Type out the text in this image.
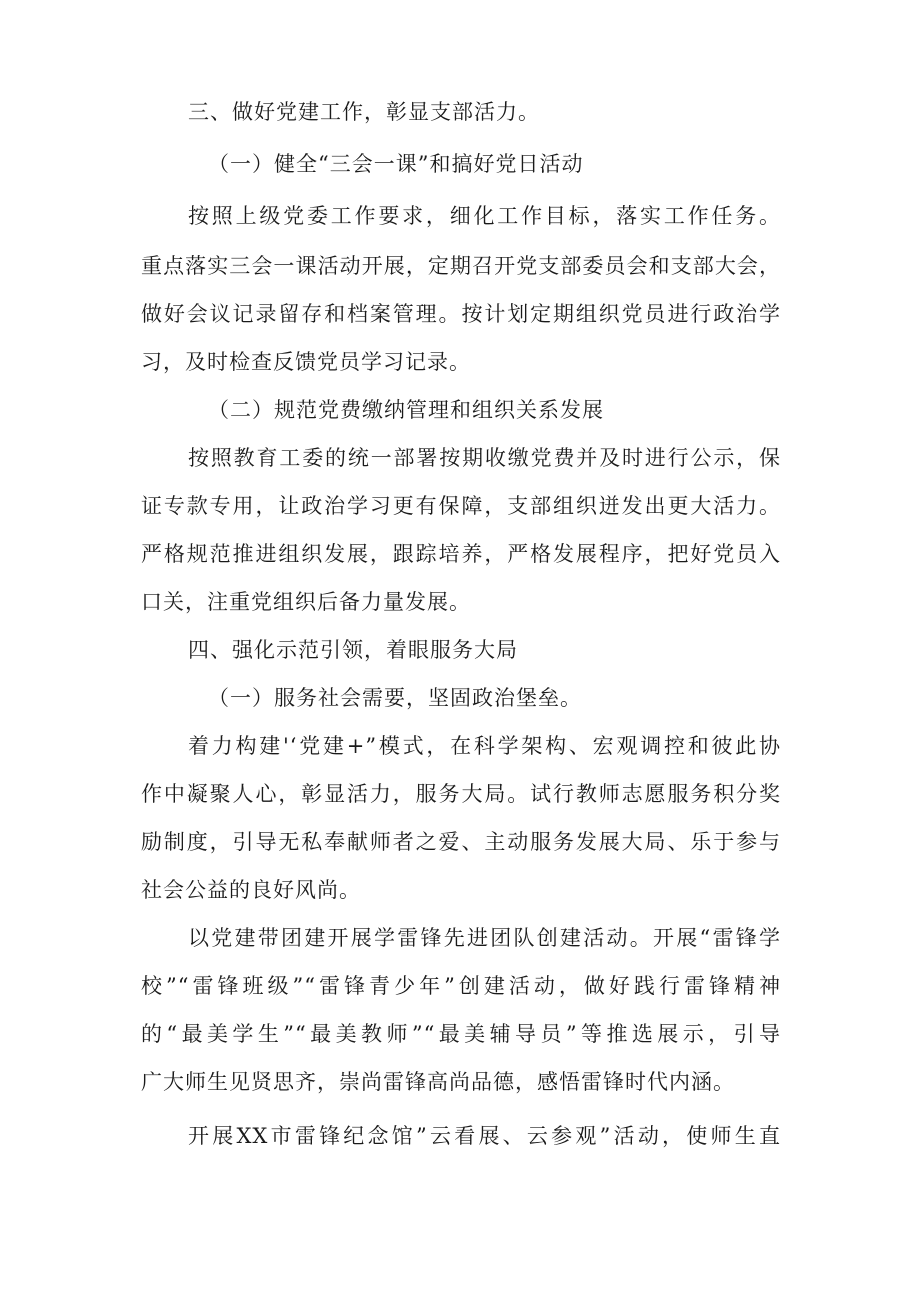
三、做好党建工作，彰显支部活力。
（一）健全“三会一课”和搞好党日活动
按照上级党委工作要求，细化工作目标，落实工作任务。
重点落实三会一课活动开展，定期召开党支部委员会和支部大会，
做好会议记录留存和档案管理。按计划定期组织党员进行政治学
习，及时检查反馈党员学习记录。
（二）规范党费缴纳管理和组织关系发展
按照教育工委的统一部署按期收缴党费并及时进行公示，保
证专款专用，让政治学习更有保障，支部组织迸发出更大活力。
严格规范推进组织发展，跟踪培养，严格发展程序，把好党员入
口关，注重党组织后备力量发展。
四、强化示范引领，着眼服务大局
（一）服务社会需要，坚固政治堡垒。
着力构建'‘党建+”模式，在科学架构、宏观调控和彼此协
作中凝聚人心，彰显活力，服务大局。试行教师志愿服务积分奖
励制度，引导无私奉献师者之爱、主动服务发展大局、乐于参与
社会公益的良好风尚。
以党建带团建开展学雷锋先进团队创建活动。开展“雷锋学
校”“雷锋班级”“雷锋青少年”创建活动，做好践行雷锋精神
的“最美学生”“最美教师”“最美辅导员”等推选展示，引导
广大师生见贤思齐，崇尚雷锋高尚品德，感悟雷锋时代内涵。
开展XX市雷锋纪念馆”云看展、云参观”活动，使师生直
